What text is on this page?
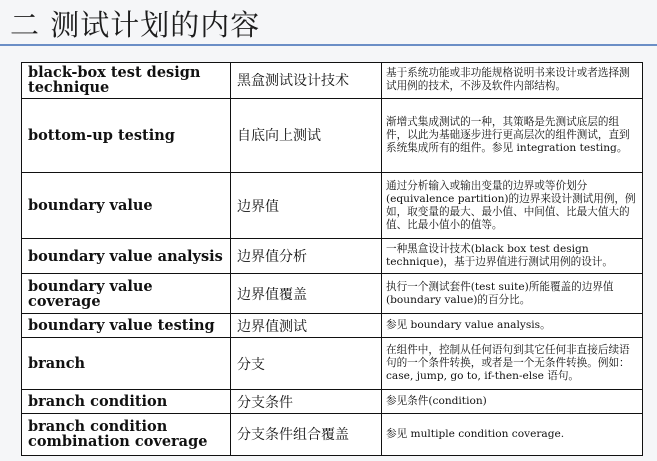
二 测试计划的内容
black-box test design technique	黑盒测试设计技术	基于系统功能或非功能规格说明书来设计或者选择测试用例的技术，不涉及软件内部结构。
bottom-up testing	自底向上测试	渐增式集成测试的一种，其策略是先测试底层的组件，以此为基础逐步进行更高层次的组件测试，直到系统集成所有的组件。参见 integration testing。
boundary value	边界值	通过分析输入或输出变量的边界或等价划分(equivalence partition)的边界来设计测试用例，例如，取变量的最大、最小值、中间值、比最大值大的值、比最小值小的值等。
boundary value analysis	边界值分析	一种黑盒设计技术(black box test design technique)，基于边界值进行测试用例的设计。
boundary value coverage	边界值覆盖	执行一个测试套件(test suite)所能覆盖的边界值(boundary value)的百分比。
boundary value testing	边界值测试	参见 boundary value analysis。
branch	分支	在组件中，控制从任何语句到其它任何非直接后续语句的一个条件转换，或者是一个无条件转换。例如：case, jump, go to, if-then-else 语句。
branch condition	分支条件	参见条件(condition)
branch condition combination coverage	分支条件组合覆盖	参见 multiple condition coverage.
